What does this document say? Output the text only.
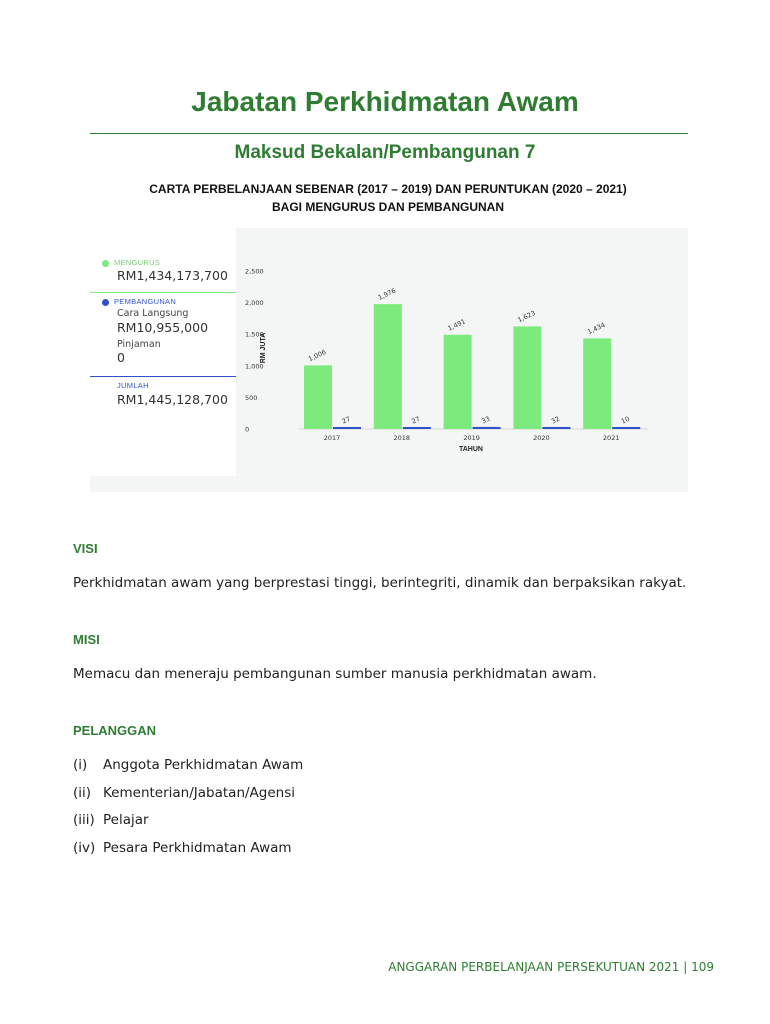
Jabatan Perkhidmatan Awam
Maksud Bekalan/Pembangunan 7
CARTA PERBELANJAAN SEBENAR (2017 – 2019) DAN PERUNTUKAN (2020 – 2021)
BAGI MENGURUS DAN PEMBANGUNAN
MENGURUS
RM1,434,173,700
PEMBANGUNAN
Cara Langsung
RM10,955,000
Pinjaman
0
JUMLAH
RM1,445,128,700
RM JUTA
TAHUN
0
500
1,000
1,500
2,000
2,500
1,006
27
2017
1,976
27
2018
1,491
33
2019
1,623
32
2020
1,434
10
2021
VISI
Perkhidmatan awam yang berprestasi tinggi, berintegriti, dinamik dan berpaksikan rakyat.
MISI
Memacu dan meneraju pembangunan sumber manusia perkhidmatan awam.
PELANGGAN
(i) Anggota Perkhidmatan Awam
(ii) Kementerian/Jabatan/Agensi
(iii) Pelajar
(iv) Pesara Perkhidmatan Awam
ANGGARAN PERBELANJAAN PERSEKUTUAN 2021 | 109
